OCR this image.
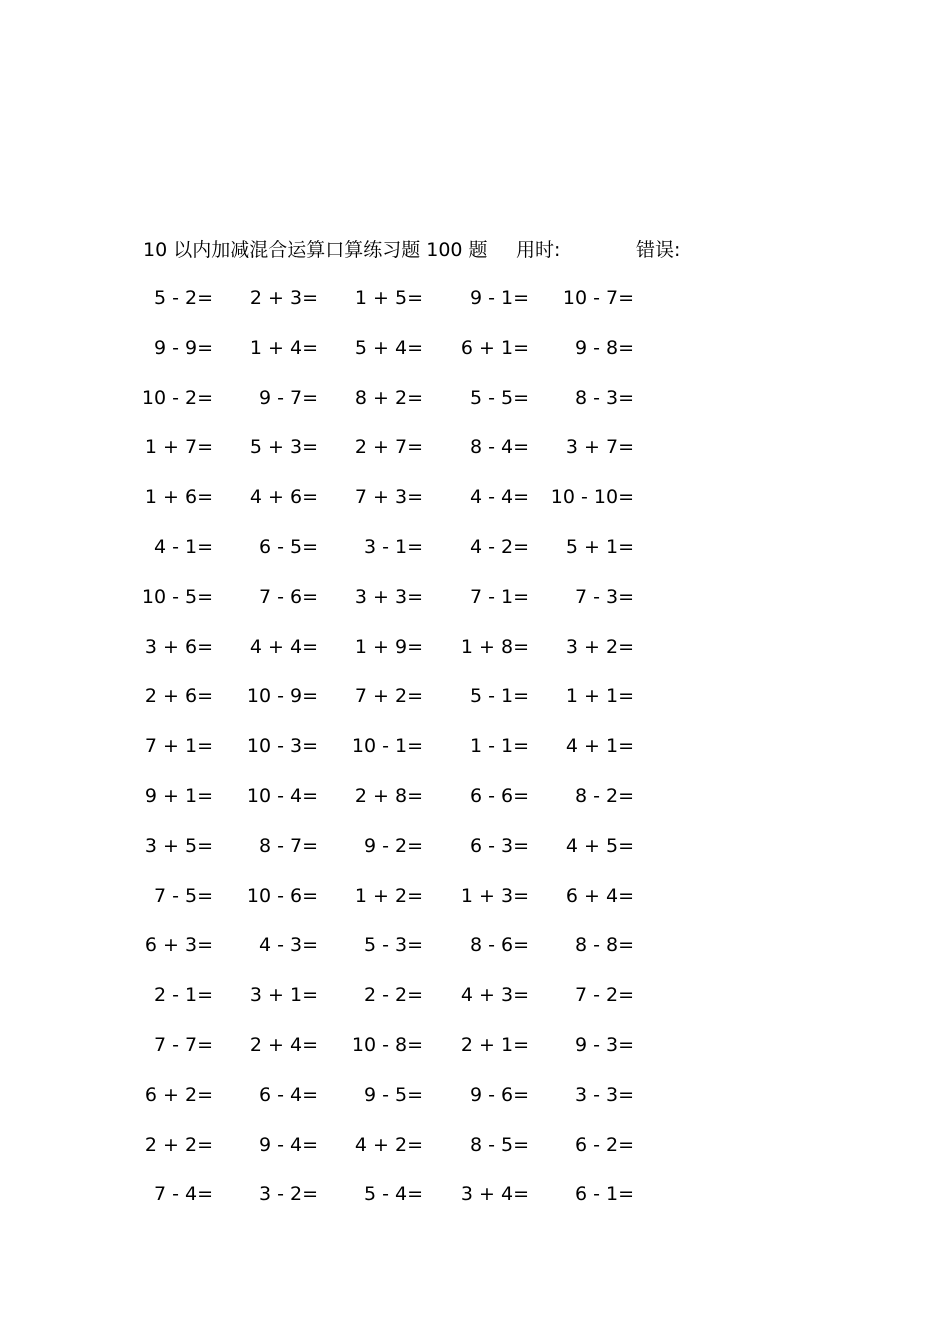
10 以内加减混合运算口算练习题 100 题 用时:	错误:
5 - 2= 2 + 3= 1 + 5= 9 - 1= 10 - 7=
9 - 9= 1 + 4= 5 + 4= 6 + 1= 9 - 8=
10 - 2= 9 - 7= 8 + 2= 5 - 5= 8 - 3=
1 + 7= 5 + 3= 2 + 7= 8 - 4= 3 + 7=
1 + 6= 4 + 6= 7 + 3= 4 - 4= 10 - 10=
4 - 1= 6 - 5= 3 - 1= 4 - 2= 5 + 1=
10 - 5= 7 - 6= 3 + 3= 7 - 1= 7 - 3=
3 + 6= 4 + 4= 1 + 9= 1 + 8= 3 + 2=
2 + 6= 10 - 9= 7 + 2= 5 - 1= 1 + 1=
7 + 1= 10 - 3= 10 - 1= 1 - 1= 4 + 1=
9 + 1= 10 - 4= 2 + 8= 6 - 6= 8 - 2=
3 + 5= 8 - 7= 9 - 2= 6 - 3= 4 + 5=
7 - 5= 10 - 6= 1 + 2= 1 + 3= 6 + 4=
6 + 3= 4 - 3= 5 - 3= 8 - 6= 8 - 8=
2 - 1= 3 + 1= 2 - 2= 4 + 3= 7 - 2=
7 - 7= 2 + 4= 10 - 8= 2 + 1= 9 - 3=
6 + 2= 6 - 4= 9 - 5= 9 - 6= 3 - 3=
2 + 2= 9 - 4= 4 + 2= 8 - 5= 6 - 2=
7 - 4= 3 - 2= 5 - 4= 3 + 4= 6 - 1=
